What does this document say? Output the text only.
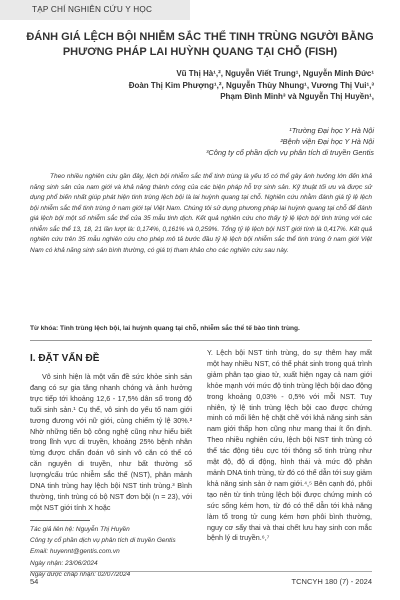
TẠP CHÍ NGHIÊN CỨU Y HỌC
ĐÁNH GIÁ LỆCH BỘI NHIỄM SẮC THỂ TINH TRÙNG NGƯỜI BẰNG PHƯƠNG PHÁP LAI HUỲNH QUANG TẠI CHỖ (FISH)
Vũ Thị Hà¹,², Nguyễn Viết Trung¹, Nguyễn Minh Đức¹
Đoàn Thị Kim Phượng¹,², Nguyễn Thùy Nhung¹, Vương Thị Vui¹,³
Phạm Đình Minh³ và Nguyễn Thị Huyền¹,
¹Trường Đại học Y Hà Nội
²Bệnh viện Đại học Y Hà Nội
³Công ty cổ phần dịch vụ phân tích di truyền Gentis

Theo nhiều nghiên cứu gần đây, lệch bội nhiễm sắc thể tinh trùng là yếu tố có thể gây ảnh hưởng lớn đến khả năng sinh sản của nam giới và khả năng thành công của các biện pháp hỗ trợ sinh sản. Kỹ thuật tối ưu và được sử dụng phổ biến nhất giúp phát hiện tinh trùng lệch bội là lai huỳnh quang tại chỗ. Nghiên cứu nhằm đánh giá tỷ lệ lệch bội nhiễm sắc thể tinh trùng ở nam giới tại Việt Nam. Chúng tôi sử dụng phương pháp lai huỳnh quang tại chỗ để đánh giá lệch bội một số nhiễm sắc thể của 35 mẫu tinh dịch. Kết quả nghiên cứu cho thấy tỷ lệ lệch bội tinh trùng với các nhiễm sắc thể 13, 18, 21 lần lượt là: 0,174%, 0,161% và 0,259%. Tổng tỷ lệ lệch bội NST giới tính là 0,417%. Kết quả nghiên cứu trên 35 mẫu nghiên cứu cho phép mô tả bước đầu tỷ lệ lệch bội nhiễm sắc thể tinh trùng ở nam giới Việt Nam có khả năng sinh sản bình thường, có giá trị tham khảo cho các nghiên cứu sau này.

Từ khóa: Tinh trùng lệch bội, lai huỳnh quang tại chỗ, nhiễm sắc thể tế bào tinh trùng.

I. ĐẶT VẤN ĐỀ

Vô sinh hiện là một vấn đề sức khỏe sinh sản đang có sự gia tăng nhanh chóng và ảnh hưởng trực tiếp tới khoảng 12,6 - 17,5% dân số trong độ tuổi sinh sản.¹ Cụ thể, vô sinh do yếu tố nam giới tương đương với nữ giới, cùng chiếm tỷ lệ 30%.² Nhờ những tiến bộ công nghệ cũng như hiểu biết trong lĩnh vực di truyền, khoảng 25% bệnh nhân từng được chẩn đoán vô sinh vô căn có thể có căn nguyên di truyền, như bất thường số lượng/cấu trúc nhiễm sắc thể (NST), phân mảnh DNA tinh trùng hay lệch bội NST tinh trùng.³ Bình thường, tinh trùng có bộ NST đơn bội (n = 23), với một NST giới tính X hoặc

Y. Lệch bội NST tinh trùng, do sự thêm hay mất một hay nhiều NST, có thể phát sinh trong quá trình giảm phân tạo giao tử, xuất hiện ngay cả nam giới khỏe mạnh với mức độ tinh trùng lệch bội dao động trong khoảng 0,03% - 0,5% với mỗi NST. Tuy nhiên, tỷ lệ tinh trùng lệch bội cao được chứng minh có mối liên hệ chặt chẽ với khả năng sinh sản nam giới thấp hơn cũng như mang thai ít ổn định. Theo nhiều nghiên cứu, lệch bội NST tinh trùng có thể tác động tiêu cực tới thông số tinh trùng như mật độ, độ di động, hình thái và mức độ phân mảnh DNA tinh trùng, từ đó có thể dẫn tới suy giảm khả năng sinh sản ở nam giới.⁴,⁵ Bên cạnh đó, phôi tạo nên từ tinh trùng lệch bội được chứng minh có sức sống kém hơn, từ đó có thể dẫn tới khả năng làm tổ trong tử cung kém hơn phôi bình thường, nguy cơ sẩy thai và thai chết lưu hay sinh con mắc bệnh lý di truyền.⁶,⁷

Tác giả liên hệ: Nguyễn Thị Huyền
Công ty cổ phần dịch vụ phân tích di truyền Gentis
Email: huyennt@gentis.com.vn
Ngày nhận: 23/06/2024
Ngày được chấp nhận: 02/07/2024
54	TCNCYH 180 (7) - 2024
